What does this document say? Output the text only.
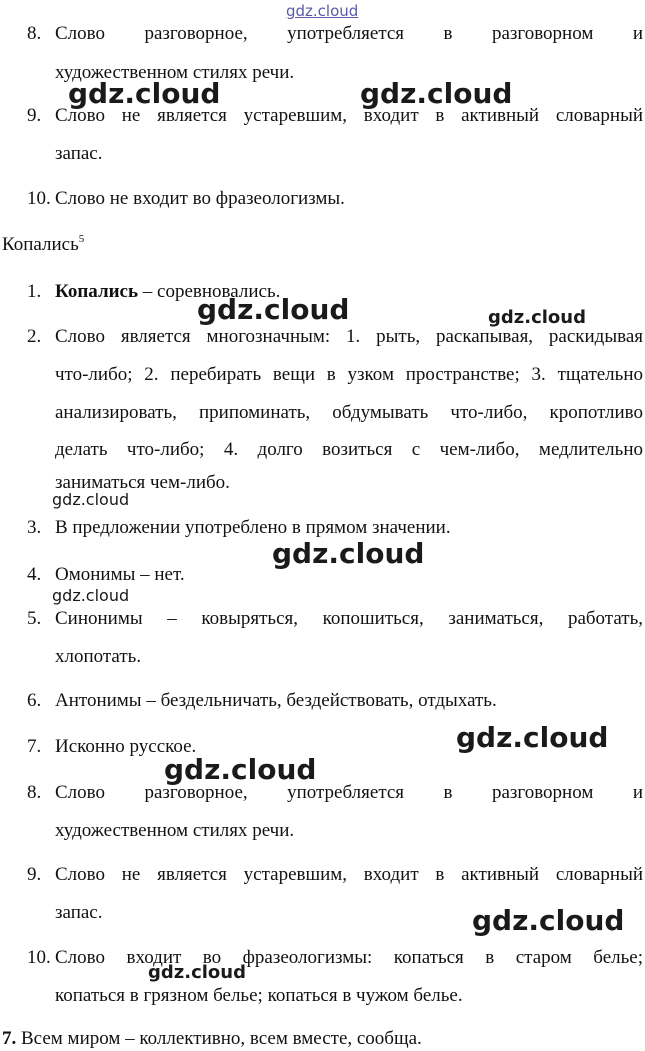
gdz.cloud
8. Слово разговорное, употребляется в разговорном и
художественном стилях речи.
9. Слово не является устаревшим, входит в активный словарный
запас.
10. Слово не входит во фразеологизмы.
Копались$^5$
1. Копались – соревновались.
2. Слово является многозначным: 1. рыть, раскапывая, раскидывая
что-либо; 2. перебирать вещи в узком пространстве; 3. тщательно
анализировать, припоминать, обдумывать что-либо, кропотливо
делать что-либо; 4. долго возиться с чем-либо, медлительно
заниматься чем-либо.
3. В предложении употреблено в прямом значении.
4. Омонимы – нет.
5. Синонимы – ковыряться, копошиться, заниматься, работать,
хлопотать.
6. Антонимы – бездельничать, бездействовать, отдыхать.
7. Исконно русское.
8. Слово разговорное, употребляется в разговорном и
художественном стилях речи.
9. Слово не является устаревшим, входит в активный словарный
запас.
10. Слово входит во фразеологизмы: копаться в старом белье;
копаться в грязном белье; копаться в чужом белье.
7. Всем миром – коллективно, всем вместе, сообща.
gdz.cloud	gdz.cloud
gdz.cloud	gdz.cloud
gdz.cloud
gdz.cloud
gdz.cloud
gdz.cloud
gdz.cloud
gdz.cloud
gdz.cloud
